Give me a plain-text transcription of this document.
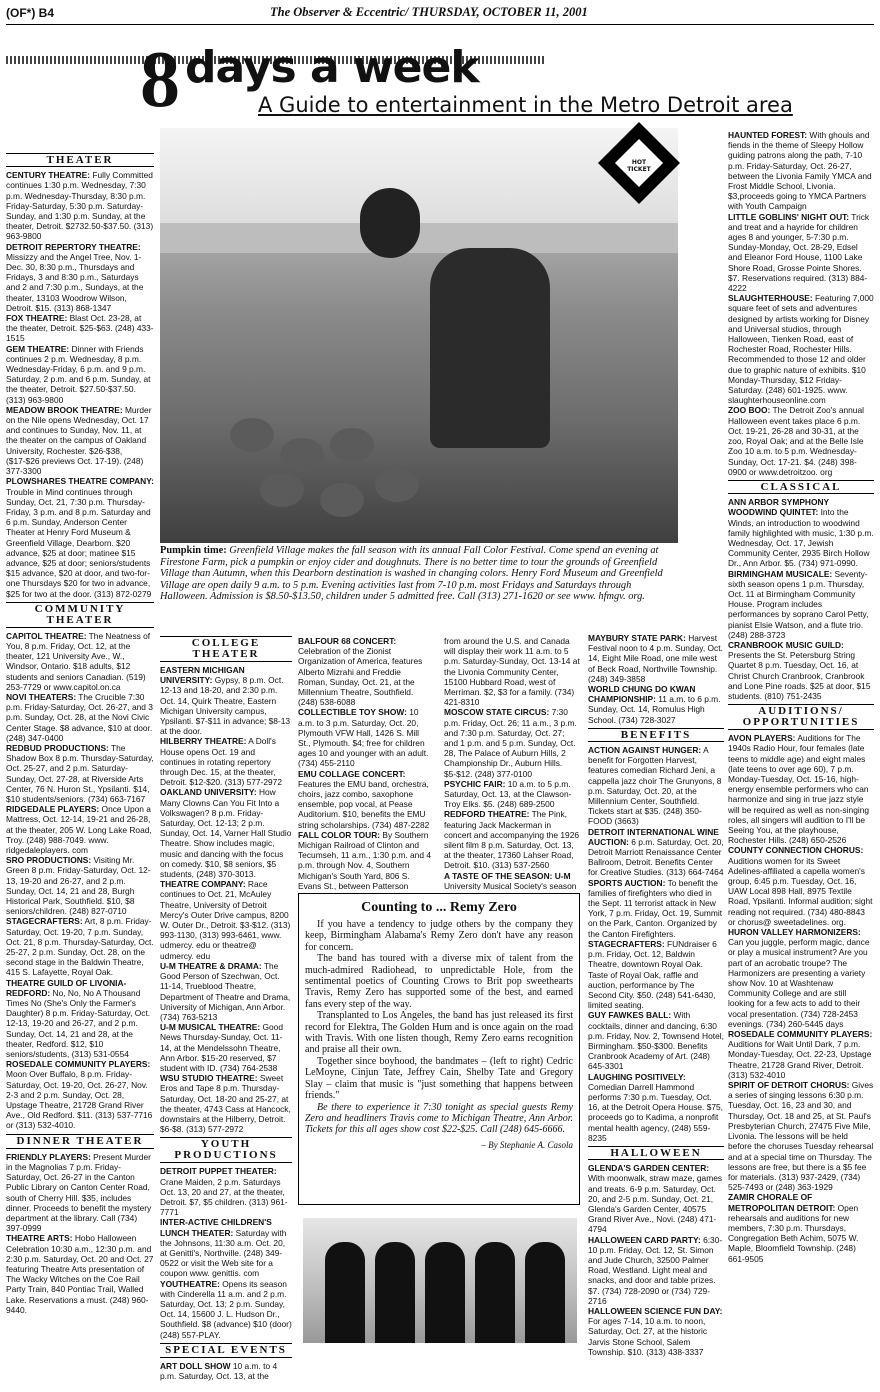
(OF*) B4	The Observer & Eccentric/ THURSDAY, OCTOBER 11, 2001
8 days a week
A Guide to entertainment in the Metro Detroit area
HOT TICKET
Pumpkin time: Greenfield Village makes the fall season with its annual Fall Color Festival. Come spend an evening at Firestone Farm, pick a pumpkin or enjoy cider and doughnuts. There is no better time to tour the grounds of Greenfield Village than Autumn, when this Dearborn destination is washed in changing colors. Henry Ford Museum and Greenfield Village are open daily 9 a.m. to 5 p.m. Evening activities last from 7-10 p.m. most Fridays and Saturdays through Halloween. Admission is $8.50-$13.50, children under 5 admitted free. Call (313) 271-1620 or see www. hfmgv. org.
THEATER

CENTURY THEATRE: Fully Committed continues 1:30 p.m. Wednesday, 7:30 p.m. Wednesday-Thursday, 8:30 p.m. Friday-Saturday, 5:30 p.m. Saturday-Sunday, and 1:30 p.m. Sunday, at the theater, Detroit. $2732.50-$37.50. (313) 963-9800

DETROIT REPERTORY THEATRE: Missizzy and the Angel Tree, Nov. 1-Dec. 30, 8:30 p.m., Thursdays and Fridays, 3 and 8:30 p.m., Saturdays and 2 and 7:30 p.m., Sundays, at the theater, 13103 Woodrow Wilson, Detroit. $15. (313) 868-1347

FOX THEATRE: Blast Oct. 23-28, at the theater, Detroit. $25-$63. (248) 433-1515

GEM THEATRE: Dinner with Friends continues 2 p.m. Wednesday, 8 p.m. Wednesday-Friday, 6 p.m. and 9 p.m. Saturday, 2 p.m. and 6 p.m. Sunday, at the theater, Detroit. $27.50-$37.50. (313) 963-9800

MEADOW BROOK THEATRE: Murder on the Nile opens Wednesday, Oct. 17 and continues to Sunday, Nov. 11, at the theater on the campus of Oakland University, Rochester. $26-$38, ($17-$26 previews Oct. 17-19). (248) 377-3300

PLOWSHARES THEATRE COMPANY: Trouble in Mind continues through Sunday, Oct. 21, 7:30 p.m. Thursday-Friday, 3 p.m. and 8 p.m. Saturday and 6 p.m. Sunday, Anderson Center Theater at Henry Ford Museum & Greenfield Village, Dearborn. $20 advance, $25 at door; matinee $15 advance, $25 at door; seniors/students $15 advance, $20 at door, and two-for-one Thursdays $20 for two in advance, $25 for two at the door. (313) 872-0279

COMMUNITY THEATER

CAPITOL THEATRE: The Neatness of You, 8 p.m. Friday, Oct. 12, at the theater, 121 University Ave., W., Windsor, Ontario. $18 adults, $12 students and seniors Canadian. (519) 253-7729 or www.capitol.on.ca

NOVI THEATERS: The Crucible 7:30 p.m. Friday-Saturday, Oct. 26-27, and 3 p.m. Sunday, Oct. 28, at the Novi Civic Center Stage. $8 advance, $10 at door. (248) 347-0400

REDBUD PRODUCTIONS: The Shadow Box 8 p.m. Thursday-Saturday, Oct. 25-27, and 2 p.m. Saturday-Sunday, Oct. 27-28, at Riverside Arts Center, 76 N. Huron St., Ypsilanti. $14, $10 students/seniors. (734) 663-7167

RIDGEDALE PLAYERS: Once Upon a Mattress, Oct. 12-14, 19-21 and 26-28, at the theater, 205 W. Long Lake Road, Troy. (248) 988-7049. www. ridgedaleplayers. com

SRO PRODUCTIONS: Visiting Mr. Green 8 p.m. Friday-Saturday, Oct. 12-13, 19-20 and 26-27, and 2 p.m. Sunday, Oct. 14, 21 and 28, Burgh Historical Park, Southfield. $10, $8 seniors/children. (248) 827-0710

STAGECRAFTERS: Art, 8 p.m. Friday-Saturday, Oct. 19-20, 7 p.m. Sunday, Oct. 21, 8 p.m. Thursday-Saturday, Oct. 25-27, 2 p.m. Sunday, Oct. 28, on the second stage in the Baldwin Theatre, 415 S. Lafayette, Royal Oak.

THEATRE GUILD OF LIVONIA-REDFORD: No, No, No A Thousand Times No (She's Only the Farmer's Daughter) 8 p.m. Friday-Saturday, Oct. 12-13, 19-20 and 26-27, and 2 p.m. Sunday, Oct. 14, 21 and 28, at the theater, Redford. $12, $10 seniors/students, (313) 531-0554

ROSEDALE COMMUNITY PLAYERS: Moon Over Buffalo, 8 p.m. Friday-Saturday, Oct. 19-20, Oct. 26-27, Nov. 2-3 and 2 p.m. Sunday, Oct. 28, Upstage Theatre, 21728 Grand River Ave., Old Redford. $11. (313) 537-7716 or (313) 532-4010.

DINNER THEATER

FRIENDLY PLAYERS: Present Murder in the Magnolias 7 p.m. Friday-Saturday, Oct. 26-27 in the Canton Public Library on Canton Center Road, south of Cherry Hill. $35, includes dinner. Proceeds to benefit the mystery department at the library. Call (734) 397-0999

THEATRE ARTS: Hobo Halloween Celebration 10:30 a.m., 12:30 p.m. and 2:30 p.m. Saturday, Oct. 20 and Oct. 27 featuring Theatre Arts presentation of The Wacky Witches on the Coe Rail Party Train, 840 Pontiac Trail, Walled Lake. Reservations a must. (248) 960-9440.

COLLEGE THEATER

EASTERN MICHIGAN UNIVERSITY: Gypsy, 8 p.m. Oct. 12-13 and 18-20, and 2:30 p.m. Oct. 14, Quirk Theatre, Eastern Michigan University campus, Ypsilanti. $7-$11 in advance; $8-13 at the door.

HILBERRY THEATRE: A Doll's House opens Oct. 19 and continues in rotating repertory through Dec. 15, at the theater, Detroit. $12-$20. (313) 577-2972

OAKLAND UNIVERSITY: How Many Clowns Can You Fit Into a Volkswagen? 8 p.m. Friday-Saturday, Oct. 12-13; 2 p.m. Sunday, Oct. 14, Varner Hall Studio Theatre. Show includes magic, music and dancing with the focus on comedy. $10, $8 seniors, $5 students, (248) 370-3013.

THEATRE COMPANY: Race continues to Oct. 21, McAuley Theatre, University of Detroit Mercy's Outer Drive campus, 8200 W. Outer Dr., Detroit. $3-$12. (313) 993-1130, (313) 993-6461, www. udmercy. edu or theatre@ udmercy. edu

U-M THEATRE & DRAMA: The Good Person of Szechwan, Oct. 11-14, Trueblood Theatre, Department of Theatre and Drama, University of Michigan, Ann Arbor. (734) 763-5213

U-M MUSICAL THEATRE: Good News Thursday-Sunday, Oct. 11-14, at the Mendelssohn Theatre, Ann Arbor. $15-20 reserved, $7 student with ID. (734) 764-2538

WSU STUDIO THEATRE: Sweet Eros and Tape 8 p.m. Thursday-Saturday, Oct. 18-20 and 25-27, at the theater, 4743 Cass at Hancock, downstairs at the Hilberry, Detroit. $6-$8. (313) 577-2972

YOUTH PRODUCTIONS

DETROIT PUPPET THEATER: Crane Maiden, 2 p.m. Saturdays Oct. 13, 20 and 27, at the theater, Detroit. $7, $5 children. (313) 961-7771

INTER-ACTIVE CHILDREN'S LUNCH THEATER: Saturday with the Johnsons, 11:30 a.m. Oct. 20, at Genitti's, Northville. (248) 349-0522 or visit the Web site for a coupon www. genittis. com

YOUTHEATRE: Opens its season with Cinderella 11 a.m. and 2 p.m. Saturday, Oct. 13; 2 p.m. Sunday, Oct. 14, 15600 J. L. Hudson Dr., Southfield. $8 (advance) $10 (door) (248) 557-PLAY.

SPECIAL EVENTS

ART DOLL SHOW 10 a.m. to 4 p.m. Saturday, Oct. 13, at the

BALFOUR 68 CONCERT: Celebration of the Zionist Organization of America, features Alberto Mizrahi and Freddie Roman, Sunday, Oct. 21, at the Millennium Theatre, Southfield. (248) 538-6088

COLLECTIBLE TOY SHOW: 10 a.m. to 3 p.m. Saturday, Oct. 20, Plymouth VFW Hall, 1426 S. Mill St., Plymouth. $4; free for children ages 10 and younger with an adult. (734) 455-2110

EMU COLLAGE CONCERT: Features the EMU band, orchestra, choirs, jazz combo, saxophone ensemble, pop vocal, at Pease Auditorium. $10, benefits the EMU string scholarships. (734) 487-2282

FALL COLOR TOUR: By Southern Michigan Railroad of Clinton and Tecumseh, 11 a.m., 1:30 p.m. and 4 p.m. through Nov. 4, Southern Michigan's South Yard, 806 S. Evans St., between Patterson

from around the U.S. and Canada will display their work 11 a.m. to 5 p.m. Saturday-Sunday, Oct. 13-14 at the Livonia Community Center, 15100 Hubbard Road, west of Merriman. $2, $3 for a family. (734) 421-8310

MOSCOW STATE CIRCUS: 7:30 p.m. Friday, Oct. 26; 11 a.m., 3 p.m. and 7:30 p.m. Saturday, Oct. 27; and 1 p.m. and 5 p.m. Sunday, Oct. 28, The Palace of Auburn Hills, 2 Championship Dr., Auburn Hills. $5-$12. (248) 377-0100

PSYCHIC FAIR: 10 a.m. to 5 p.m. Saturday, Oct. 13, at the Clawson-Troy Elks. $5. (248) 689-2500

REDFORD THEATRE: The Pink, featuring Jack Mackerman in concert and accompanying the 1926 silent film 8 p.m. Saturday, Oct. 13, at the theater, 17360 Lahser Road, Detroit. $10. (313) 537-2560

A TASTE OF THE SEASON: U-M University Musical Society's season

Counting to ... Remy Zero

If you have a tendency to judge others by the company they keep, Birmingham Alabama's Remy Zero don't have any reason for concern.

The band has toured with a diverse mix of talent from the much-admired Radiohead, to unpredictable Hole, from the sentimental poetics of Counting Crows to Brit pop sweethearts Travis, Remy Zero has supported some of the best, and earned fans every step of the way.

Transplanted to Los Angeles, the band has just released its first record for Elektra, The Golden Hum and is once again on the road with Travis. With one listen though, Remy Zero earns recognition and praise all their own.

Together since boyhood, the bandmates – (left to right) Cedric LeMoyne, Cinjun Tate, Jeffrey Cain, Shelby Tate and Gregory Slay – claim that music is "just something that happens between friends."

Be there to experience it 7:30 tonight as special guests Remy Zero and headliners Travis come to Michigan Theatre, Ann Arbor. Tickets for this all ages show cost $22-$25. Call (248) 645-6666.

– By Stephanie A. Casola

MAYBURY STATE PARK: Harvest Festival noon to 4 p.m. Sunday, Oct. 14, Eight Mile Road, one mile west of Beck Road, Northville Township. (248) 349-3858

WORLD CHUNG DO KWAN CHAMPIONSHIP: 11 a.m. to 6 p.m. Sunday, Oct. 14, Romulus High School. (734) 728-3027

BENEFITS

ACTION AGAINST HUNGER: A benefit for Forgotten Harvest, features comedian Richard Jeni, a cappella jazz choir The Grunyons, 8 p.m. Saturday, Oct. 20, at the Millennium Center, Southfield. Tickets start at $35. (248) 350-FOOD (3663)

DETROIT INTERNATIONAL WINE AUCTION: 6 p.m. Saturday, Oct. 20, Detroit Marriott Renaissance Center Ballroom, Detroit. Benefits Center for Creative Studies. (313) 664-7464

SPORTS AUCTION: To benefit the families of firefighters who died in the Sept. 11 terrorist attack in New York, 7 p.m. Friday, Oct. 19, Summit on the Park, Canton. Organized by the Canton Firefighters.

STAGECRAFTERS: FUNdraiser 6 p.m. Friday, Oct. 12, Baldwin Theatre, downtown Royal Oak. Taste of Royal Oak, raffle and auction, performance by The Second City. $50. (248) 541-6430, limited seating.

GUY FAWKES BALL: With cocktails, dinner and dancing, 6:30 p.m. Friday, Nov. 2, Townsend Hotel, Birmingham. $50-$300. Benefits Cranbrook Academy of Art. (248) 645-3301

LAUGHING POSITIVELY: Comedian Darrell Hammond performs 7:30 p.m. Tuesday, Oct. 16, at the Detroit Opera House. $75, proceeds go to Kadima, a nonprofit mental health agency, (248) 559-8235

HALLOWEEN

GLENDA'S GARDEN CENTER: With moonwalk, straw maze, games and treats. 6-9 p.m. Saturday, Oct. 20, and 2-5 p.m. Sunday, Oct. 21, Glenda's Garden Center, 40575 Grand River Ave., Novi. (248) 471-4794

HALLOWEEN CARD PARTY: 6:30-10 p.m. Friday, Oct. 12, St. Simon and Jude Church, 32500 Palmer Road, Westland. Light meal and snacks, and door and table prizes. $7. (734) 728-2090 or (734) 729-2716

HALLOWEEN SCIENCE FUN DAY: For ages 7-14, 10 a.m. to noon, Saturday, Oct. 27, at the historic Jarvis Stone School, Salem Township. $10. (313) 438-3337

HAUNTED FOREST: With ghouls and fiends in the theme of Sleepy Hollow guiding patrons along the path, 7-10 p.m. Friday-Saturday, Oct. 26-27, between the Livonia Family YMCA and Frost Middle School, Livonia. $3,proceeds going to YMCA Partners with Youth Campaign

LITTLE GOBLINS' NIGHT OUT: Trick and treat and a hayride for children ages 8 and younger, 5-7:30 p.m. Sunday-Monday, Oct. 28-29, Edsel and Eleanor Ford House, 1100 Lake Shore Road, Grosse Pointe Shores. $7. Reservations required. (313) 884-4222

SLAUGHTERHOUSE: Featuring 7,000 square feet of sets and adventures designed by artists working for Disney and Universal studios, through Halloween, Tienken Road, east of Rochester Road, Rochester Hills. Recommended to those 12 and older due to graphic nature of exhibits. $10 Monday-Thursday, $12 Friday-Saturday. (248) 601-1925. www. slaughterhouseonline.com

ZOO BOO: The Detroit Zoo's annual Halloween event takes place 6 p.m. Oct. 19-21, 26-28 and 30-31, at the zoo, Royal Oak; and at the Belle Isle Zoo 10 a.m. to 5 p.m. Wednesday-Sunday, Oct. 17-21. $4. (248) 398-0900 or www.detroitzoo. org

CLASSICAL

ANN ARBOR SYMPHONY WOODWIND QUINTET: Into the Winds, an introduction to woodwind family highlighted with music, 1:30 p.m. Wednesday, Oct. 17, Jewish Community Center, 2935 Birch Hollow Dr., Ann Arbor. $5. (734) 971-0990.

BIRMINGHAM MUSICALE: Seventy-sixth season opens 1 p.m. Thursday, Oct. 11 at Birmingham Community House. Program includes performances by soprano Carol Petty, pianist Elsie Watson, and a flute trio. (248) 288-3723

CRANBROOK MUSIC GUILD: Presents the St. Petersburg String Quartet 8 p.m. Tuesday, Oct. 16, at Christ Church Cranbrook, Cranbrook and Lone Pine roads. $25 at door, $15 students. (810) 751-2435

AUDITIONS/ OPPORTUNITIES

AVON PLAYERS: Auditions for The 1940s Radio Hour, four females (late teens to middle age) and eight males (late teens to over age 60), 7 p.m. Monday-Tuesday, Oct. 15-16, high-energy ensemble performers who can harmonize and sing in true jazz style will be required as well as non-singing roles, all singers will audition to I'll be Seeing You, at the playhouse, Rochester Hills. (248) 650-2526

COUNTY CONNECTION CHORUS: Auditions women for its Sweet Adelines-affiliated a capella women's group, 6:45 p.m. Tuesday, Oct. 16, UAW Local 898 Hall, 8975 Textile Road, Ypsilanti. Informal audition; sight reading not required. (734) 480-8843 or chorus@ sweetadelines. org.

HURON VALLEY HARMONIZERS: Can you juggle, perform magic, dance or play a musical instrument? Are you part of an acrobatic troupe? The Harmonizers are presenting a variety show Nov. 10 at Washtenaw Community College and are still looking for a few acts to add to their vocal presentation. (734) 728-2453 evenings. (734) 260-5445 days

ROSEDALE COMMUNITY PLAYERS: Auditions for Wait Until Dark, 7 p.m. Monday-Tuesday, Oct. 22-23, Upstage Theatre, 21728 Grand River, Detroit. (313) 532-4010

SPIRIT OF DETROIT CHORUS: Gives a series of singing lessons 6:30 p.m. Tuesday, Oct. 16, 23 and 30, and Thursday, Oct. 18 and 25, at St. Paul's Presbyterian Church, 27475 Five Mile, Livonia. The lessons will be held before the choruses Tuesday rehearsal and at a special time on Thursday. The lessons are free, but there is a $5 fee for materials. (313) 937-2429, (734) 525-7493 or (248) 363-1929

ZAMIR CHORALE OF METROPOLITAN DETROIT: Open rehearsals and auditions for new members, 7:30 p.m. Thursdays, Congregation Beth Achim, 5075 W. Maple, Bloomfield Township. (248) 661-9505
